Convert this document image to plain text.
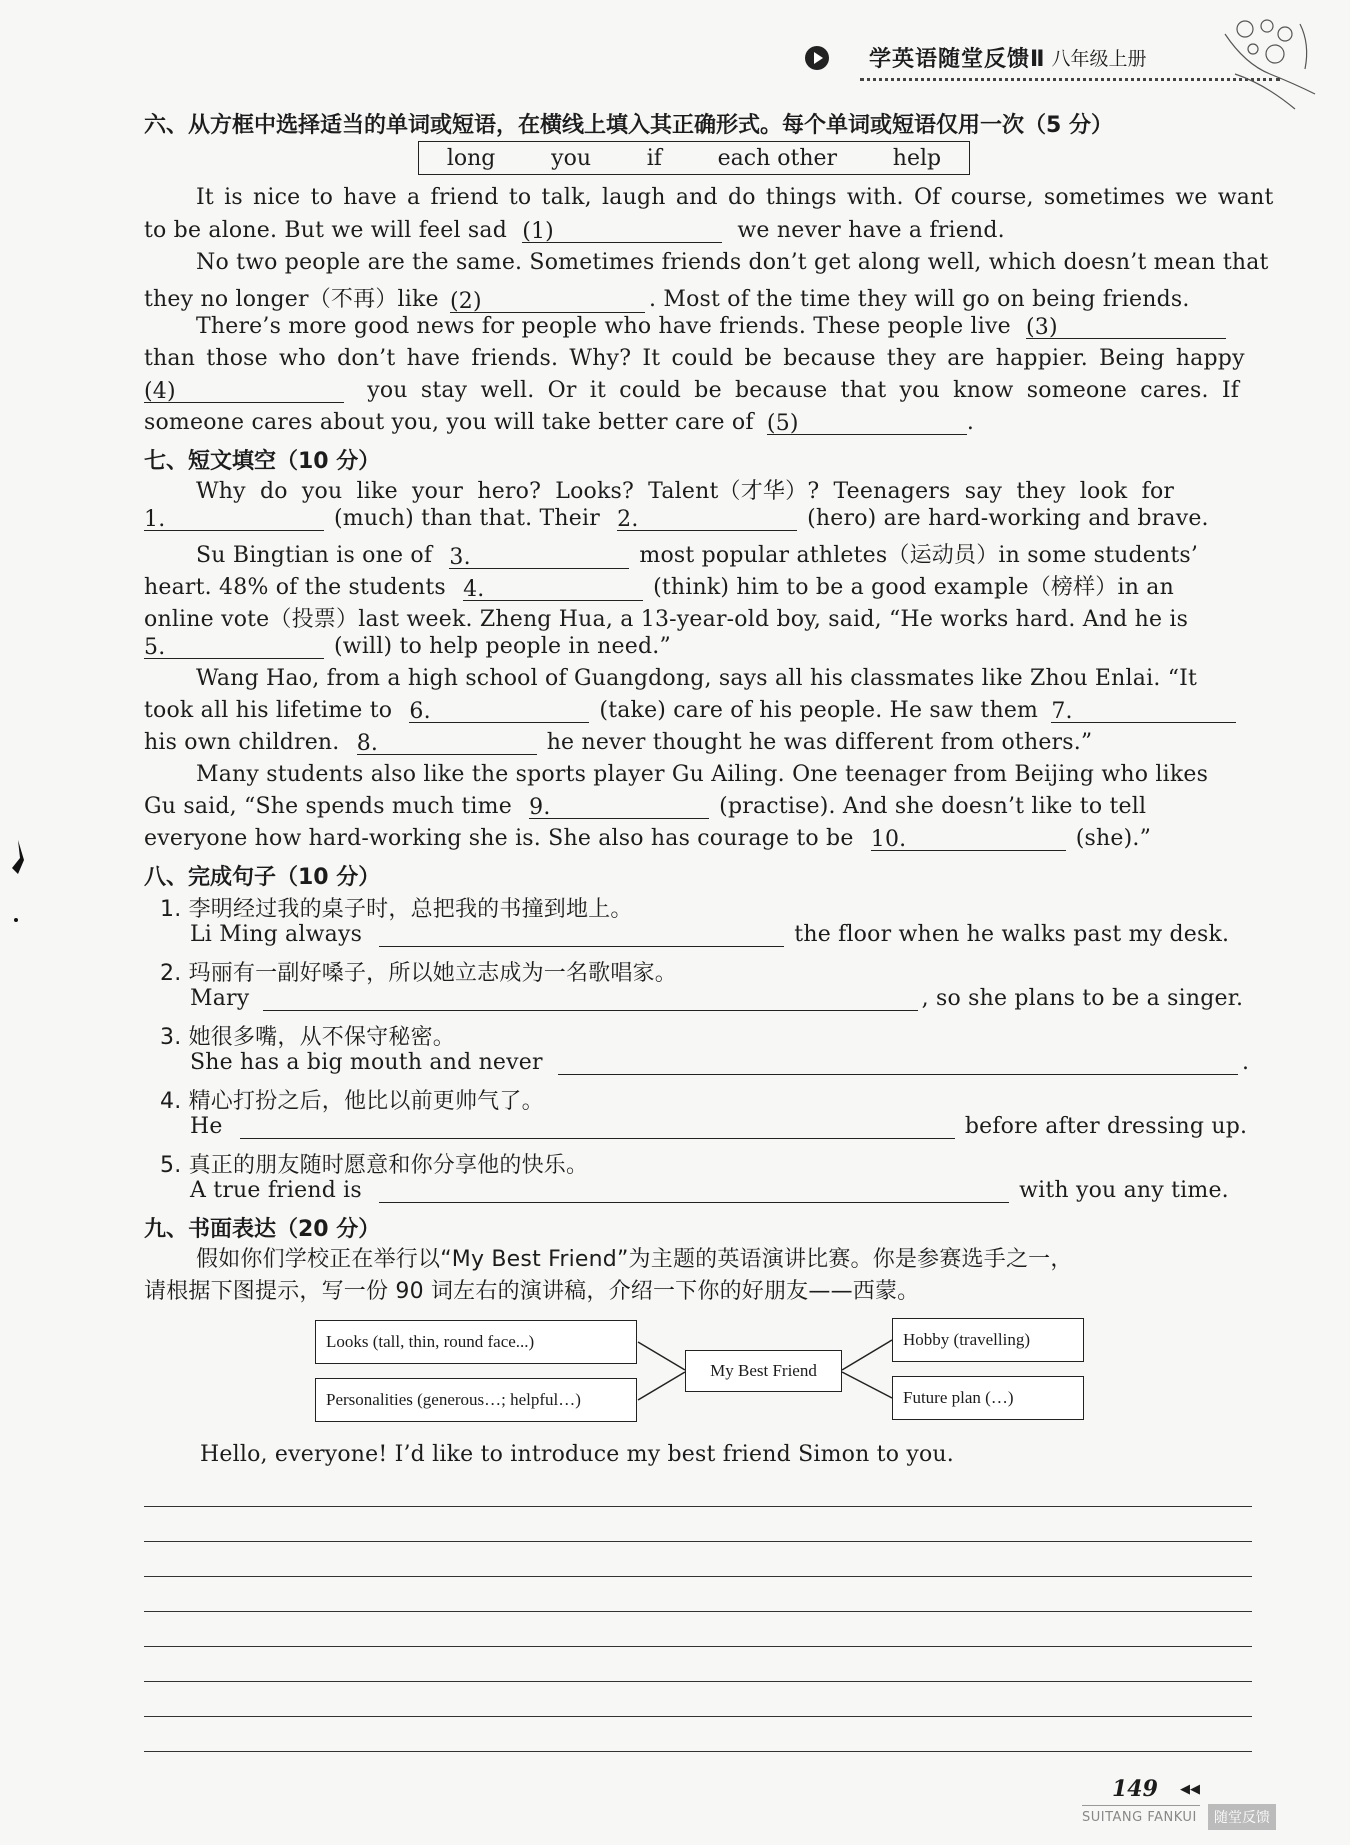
学英语随堂反馈Ⅱ 八年级上册
六、从方框中选择适当的单词或短语，在横线上填入其正确形式。每个单词或短语仅用一次（5 分）
long	you	if	each other	help
It is nice to have a friend to talk, laugh and do things with. Of course, sometimes we want
to be alone. But we will feel sad (1)	we never have a friend.
No two people are the same. Sometimes friends don’t get along well, which doesn’t mean that
they no longer（不再）like (2)	. Most of the time they will go on being friends.
There’s more good news for people who have friends. These people live (3)
than those who don’t have friends. Why? It could be because they are happier. Being happy
(4)	you stay well. Or it could be because that you know someone cares. If
someone cares about you, you will take better care of (5)	.
七、短文填空（10 分）
Why do you like your hero? Looks? Talent（才华）? Teenagers say they look for
1.	(much) than that. Their 2.	(hero) are hard-working and brave.
Su Bingtian is one of 3.	most popular athletes（运动员）in some students’
heart. 48% of the students 4.	(think) him to be a good example（榜样）in an
online vote（投票）last week. Zheng Hua, a 13-year-old boy, said, “He works hard. And he is
5.	(will) to help people in need.”
Wang Hao, from a high school of Guangdong, says all his classmates like Zhou Enlai. “It
took all his lifetime to 6.	(take) care of his people. He saw them 7.
his own children. 8.	he never thought he was different from others.”
Many students also like the sports player Gu Ailing. One teenager from Beijing who likes
Gu said, “She spends much time 9.	(practise). And she doesn’t like to tell
everyone how hard-working she is. She also has courage to be 10.	(she).”
八、完成句子（10 分）
1. 李明经过我的桌子时，总把我的书撞到地上。
Li Ming always	the floor when he walks past my desk.
2. 玛丽有一副好嗓子，所以她立志成为一名歌唱家。
Mary	, so she plans to be a singer.
3. 她很多嘴，从不保守秘密。
She has a big mouth and never	.
4. 精心打扮之后，他比以前更帅气了。
He	before after dressing up.
5. 真正的朋友随时愿意和你分享他的快乐。
A true friend is	with you any time.
九、书面表达（20 分）
假如你们学校正在举行以“My Best Friend”为主题的英语演讲比赛。你是参赛选手之一，
请根据下图提示，写一份 90 词左右的演讲稿，介绍一下你的好朋友——西蒙。
Looks (tall, thin, round face...)
Personalities (generous…; helpful…)
My Best Friend
Hobby (travelling)
Future plan (…)
Hello, everyone! I’d like to introduce my best friend Simon to you.
149 ◀◀
SUITANG FANKUI	随堂反馈
